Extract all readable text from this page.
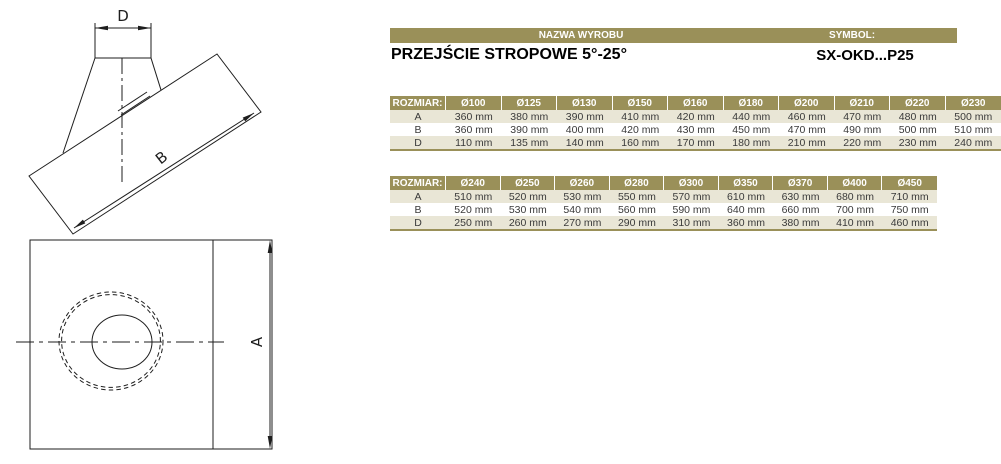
D
B
A
NAZWA WYROBU	SYMBOL:
PRZEJŚCIE STROPOWE 5°-25°	SX-OKD...P25
ROZMIAR:	Ø100	Ø125	Ø130	Ø150	Ø160	Ø180	Ø200	Ø210	Ø220	Ø230
A	360 mm	380 mm	390 mm	410 mm	420 mm	440 mm	460 mm	470 mm	480 mm	500 mm
B	360 mm	390 mm	400 mm	420 mm	430 mm	450 mm	470 mm	490 mm	500 mm	510 mm
D	110 mm	135 mm	140 mm	160 mm	170 mm	180 mm	210 mm	220 mm	230 mm	240 mm
ROZMIAR:	Ø240	Ø250	Ø260	Ø280	Ø300	Ø350	Ø370	Ø400	Ø450
A	510 mm	520 mm	530 mm	550 mm	570 mm	610 mm	630 mm	680 mm	710 mm
B	520 mm	530 mm	540 mm	560 mm	590 mm	640 mm	660 mm	700 mm	750 mm
D	250 mm	260 mm	270 mm	290 mm	310 mm	360 mm	380 mm	410 mm	460 mm
